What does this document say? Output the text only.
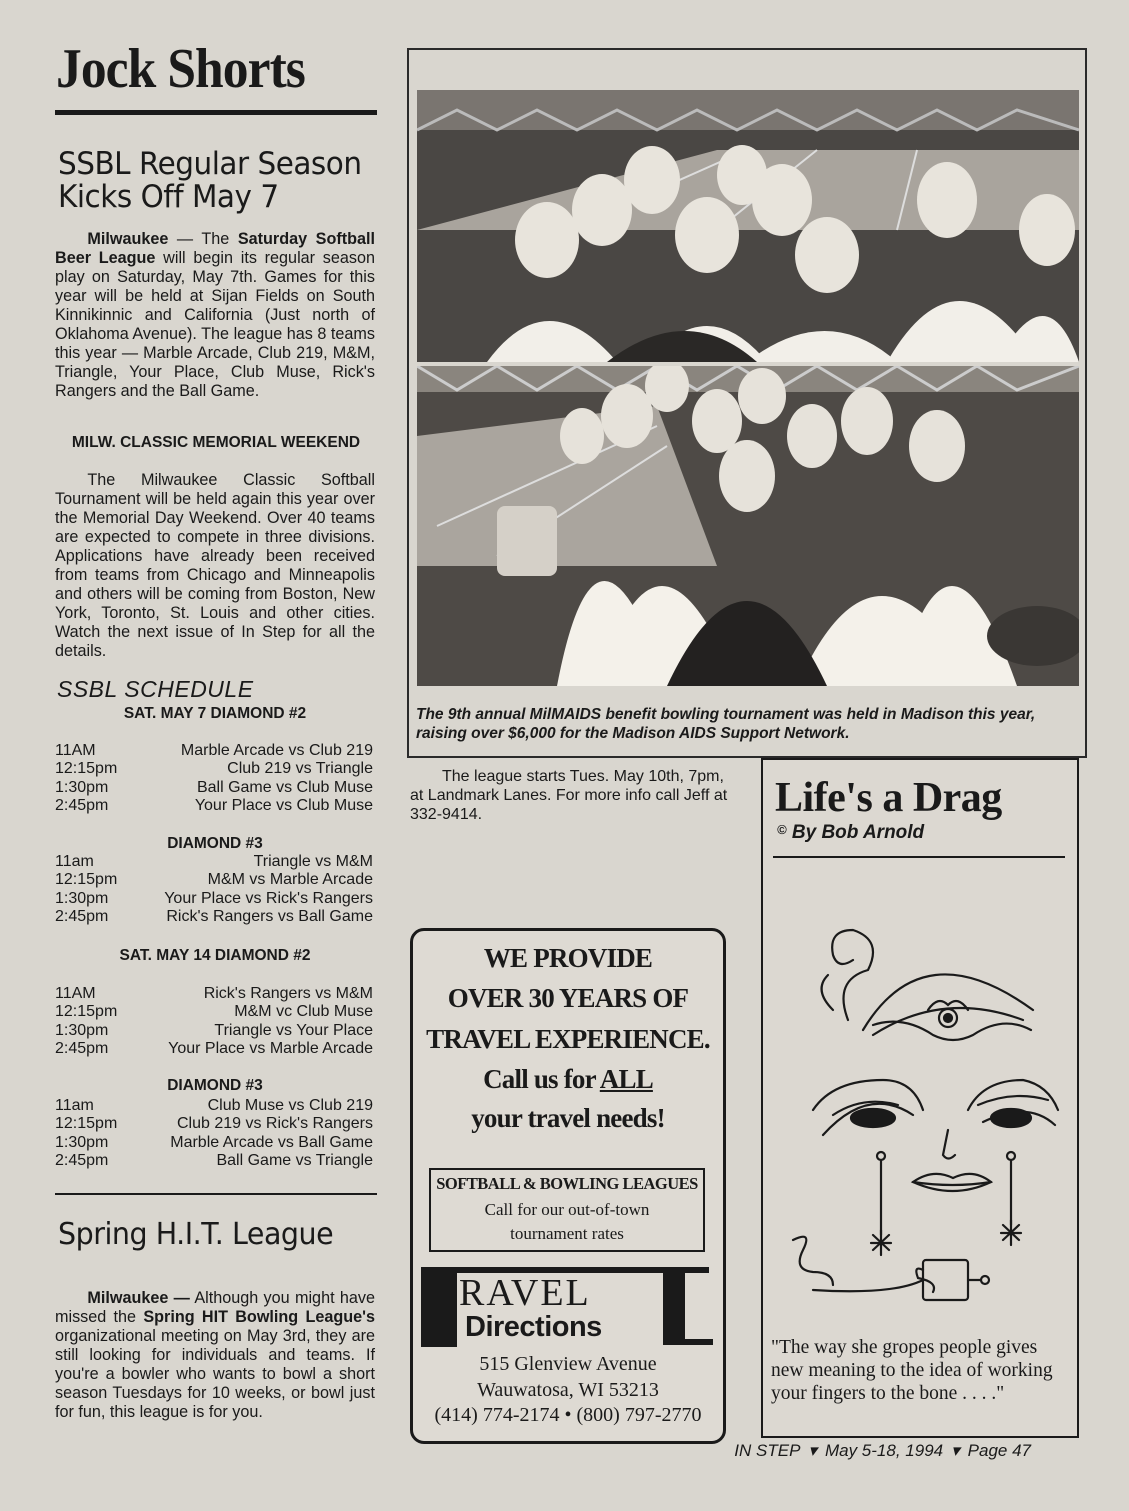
Jock Shorts
SSBL Regular Season Kicks Off May 7
  Milwaukee — The Saturday Softball Beer League will begin its regular season play on Saturday, May 7th. Games for this year will be held at Sijan Fields on South Kinnikinnic and California (Just north of Oklahoma Avenue). The league has 8 teams this year — Marble Arcade, Club 219, M&M, Triangle, Your Place, Club Muse, Rick's Rangers and the Ball Game.
MILW. CLASSIC MEMORIAL WEEKEND
  The Milwaukee Classic Softball Tournament will be held again this year over the Memorial Day Weekend. Over 40 teams are expected to compete in three divisions. Applications have already been received from teams from Chicago and Minneapolis and others will be coming from Boston, New York, Toronto, St. Louis and other cities. Watch the next issue of In Step for all the details.
SSBL SCHEDULE
SAT. MAY 7 DIAMOND #2
11AM	Marble Arcade vs Club 219
12:15pm	Club 219 vs Triangle
1:30pm	Ball Game vs Club Muse
2:45pm	Your Place vs Club Muse
DIAMOND #3
11am	Triangle vs M&M
12:15pm	M&M vs Marble Arcade
1:30pm	Your Place vs Rick's Rangers
2:45pm	Rick's Rangers vs Ball Game
SAT. MAY 14 DIAMOND #2
11AM	Rick's Rangers vs M&M
12:15pm	M&M vc Club Muse
1:30pm	Triangle vs Your Place
2:45pm	Your Place vs Marble Arcade
DIAMOND #3
11am	Club Muse vs Club 219
12:15pm	Club 219 vs Rick's Rangers
1:30pm	Marble Arcade vs Ball Game
2:45pm	Ball Game vs Triangle
Spring H.I.T. League
  Milwaukee — Although you might have missed the Spring HIT Bowling League's organizational meeting on May 3rd, they are still looking for individuals and teams. If you're a bowler who wants to bowl a short season Tuesdays for 10 weeks, or bowl just for fun, this league is for you.
The 9th annual MilMAIDS benefit bowling tournament was held in Madison this year, raising over $6,000 for the Madison AIDS Support Network.
  The league starts Tues. May 10th, 7pm, at Landmark Lanes. For more info call Jeff at 332-9414.
WE PROVIDE
OVER 30 YEARS OF
TRAVEL EXPERIENCE.
Call us for ALL
your travel needs!
SOFTBALL & BOWLING LEAGUES
Call for our out-of-town
tournament rates
RAVEL
Directions
515 Glenview Avenue
Wauwatosa, WI 53213
(414) 774-2174 • (800) 797-2770
Life's a Drag
© By Bob Arnold
"The way she gropes people gives new meaning to the idea of working your fingers to the bone . . . ."
IN STEP ▾ May 5-18, 1994 ▾ Page 47
